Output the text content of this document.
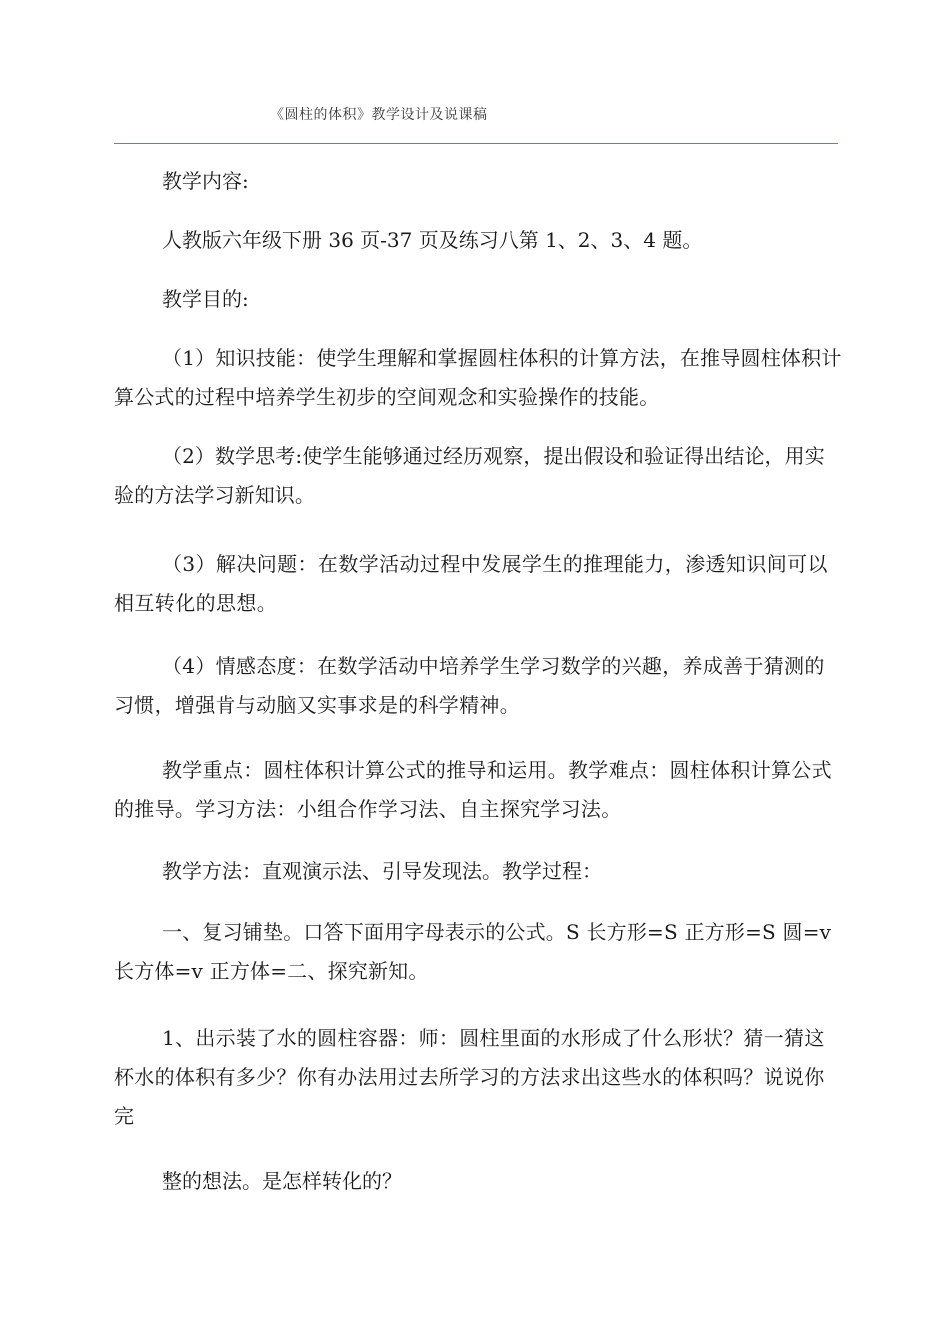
《圆柱的体积》教学设计及说课稿

教学内容:

人教版六年级下册 36 页-37 页及练习八第 1、2、3、4 题。

教学目的:

（1）知识技能：使学生理解和掌握圆柱体积的计算方法，在推导圆柱体积计算公式的过程中培养学生初步的空间观念和实验操作的技能。

（2）数学思考:使学生能够通过经历观察，提出假设和验证得出结论，用实验的方法学习新知识。

（3）解决问题：在数学活动过程中发展学生的推理能力，渗透知识间可以相互转化的思想。

（4）情感态度：在数学活动中培养学生学习数学的兴趣，养成善于猜测的习惯，增强肯与动脑又实事求是的科学精神。

教学重点：圆柱体积计算公式的推导和运用。教学难点：圆柱体积计算公式的推导。学习方法：小组合作学习法、自主探究学习法。

教学方法：直观演示法、引导发现法。教学过程：

一、复习铺垫。口答下面用字母表示的公式。S 长方形=S 正方形=S 圆=v 长方体=v 正方体=二、探究新知。

1、出示装了水的圆柱容器：师：圆柱里面的水形成了什么形状？猜一猜这杯水的体积有多少？你有办法用过去所学习的方法求出这些水的体积吗？说说你完

整的想法。是怎样转化的？
